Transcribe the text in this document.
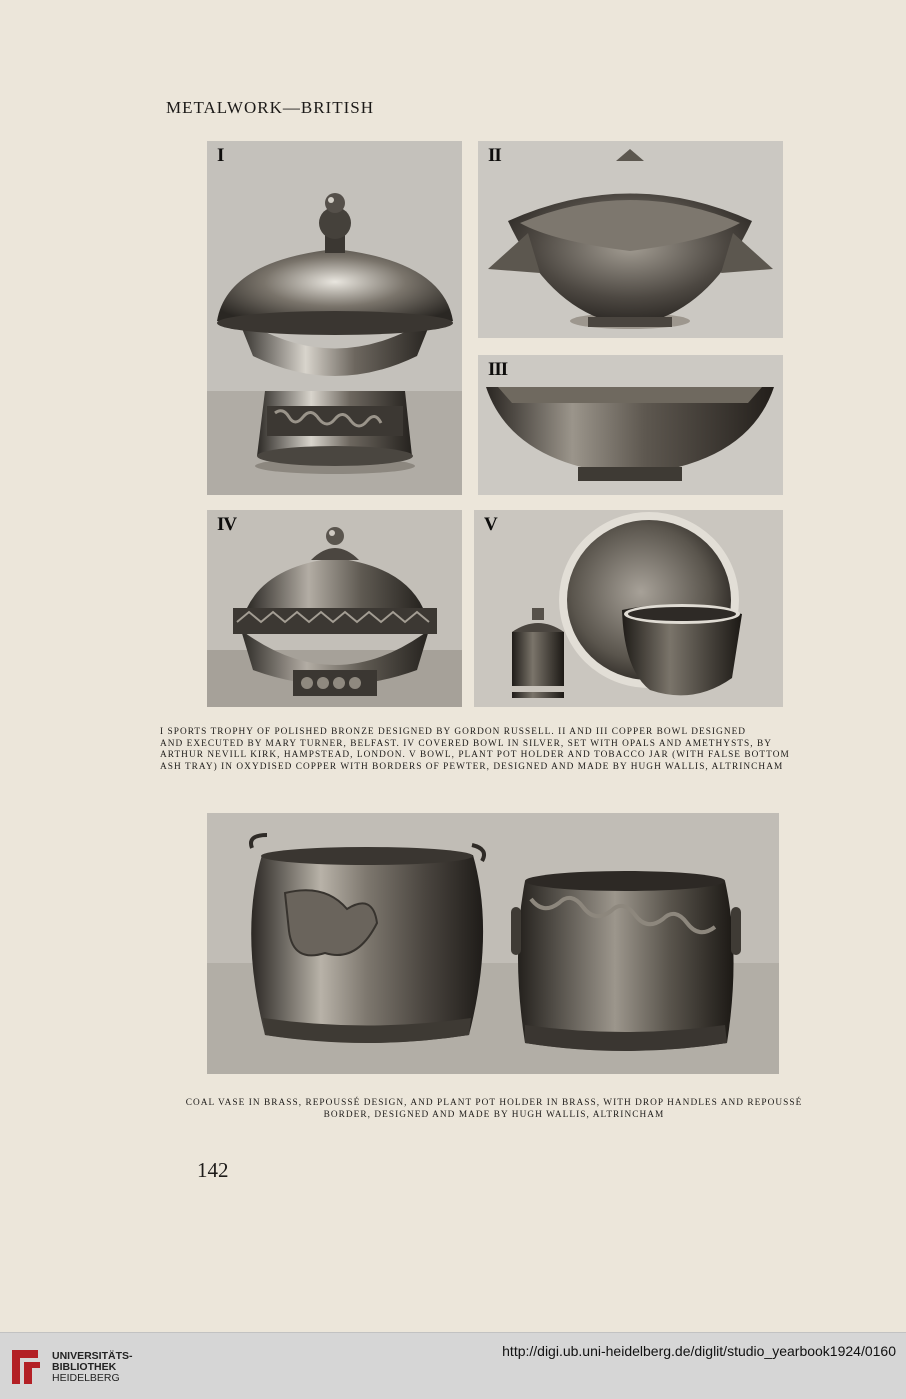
METALWORK—BRITISH
I	II
III
IV	V
I SPORTS TROPHY OF POLISHED BRONZE DESIGNED BY GORDON RUSSELL. II AND III COPPER BOWL DESIGNED
AND EXECUTED BY MARY TURNER, BELFAST. IV COVERED BOWL IN SILVER, SET WITH OPALS AND AMETHYSTS, BY
ARTHUR NEVILL KIRK, HAMPSTEAD, LONDON. V BOWL, PLANT POT HOLDER AND TOBACCO JAR (WITH FALSE BOTTOM
ASH TRAY) IN OXYDISED COPPER WITH BORDERS OF PEWTER, DESIGNED AND MADE BY HUGH WALLIS, ALTRINCHAM
COAL VASE IN BRASS, REPOUSSÉ DESIGN, AND PLANT POT HOLDER IN BRASS, WITH DROP HANDLES AND REPOUSSÉ
BORDER, DESIGNED AND MADE BY HUGH WALLIS, ALTRINCHAM
142
UNIVERSITÄTS-
BIBLIOTHEK
HEIDELBERG
http://digi.ub.uni-heidelberg.de/diglit/studio_yearbook1924/0160
